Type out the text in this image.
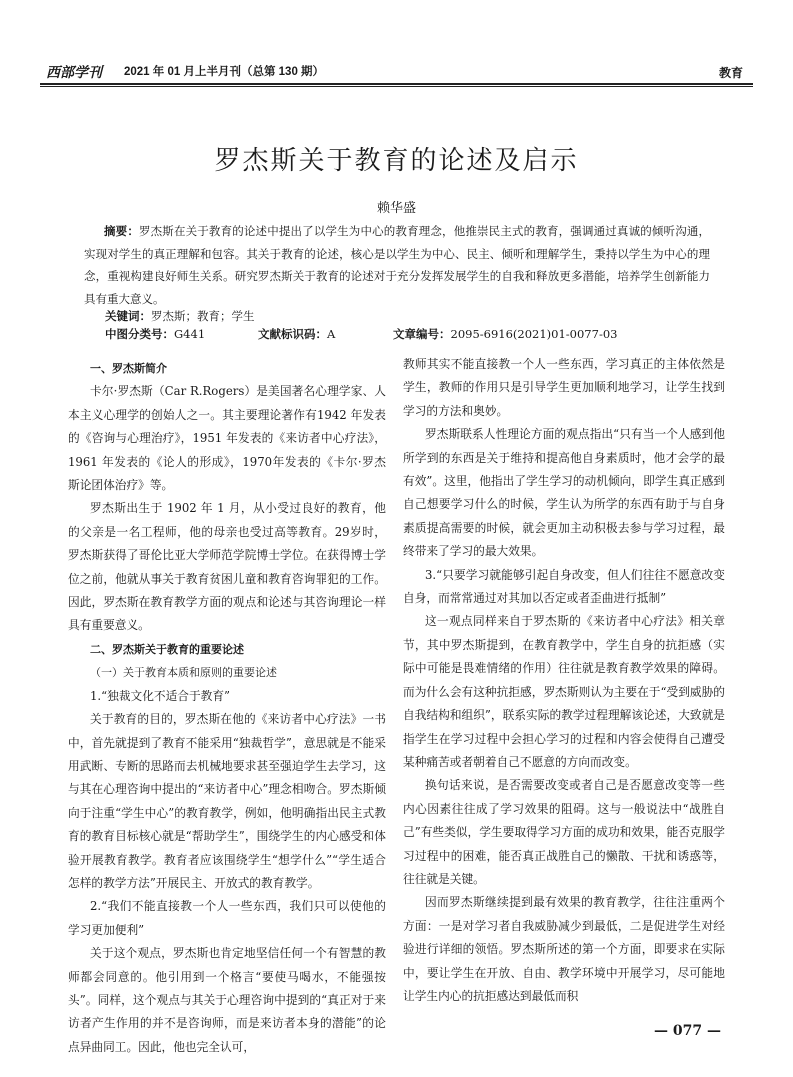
西部学刊 2021 年 01 月上半月刊（总第 130 期）	教育
罗杰斯关于教育的论述及启示
赖华盛
摘要：罗杰斯在关于教育的论述中提出了以学生为中心的教育理念，他推崇民主式的教育，强调通过真诚的倾听沟通，实现对学生的真正理解和包容。其关于教育的论述，核心是以学生为中心、民主、倾听和理解学生，秉持以学生为中心的理念，重视构建良好师生关系。研究罗杰斯关于教育的论述对于充分发挥发展学生的自我和释放更多潜能，培养学生创新能力具有重大意义。
关键词：罗杰斯；教育；学生
中图分类号：G441	文献标识码：A	文章编号：2095-6916(2021)01-0077-03

一、罗杰斯简介

卡尔·罗杰斯（Car R.Rogers）是美国著名心理学家、人本主义心理学的创始人之一。其主要理论著作有1942 年发表的《咨询与心理治疗》，1951 年发表的《来访者中心疗法》，1961 年发表的《论人的形成》，1970年发表的《卡尔·罗杰斯论团体治疗》等。

罗杰斯出生于 1902 年 1 月，从小受过良好的教育，他的父亲是一名工程师，他的母亲也受过高等教育。29岁时，罗杰斯获得了哥伦比亚大学师范学院博士学位。在获得博士学位之前，他就从事关于教育贫困儿童和教育咨询罪犯的工作。因此，罗杰斯在教育教学方面的观点和论述与其咨询理论一样具有重要意义。

二、罗杰斯关于教育的重要论述

（一）关于教育本质和原则的重要论述

1.“独裁文化不适合于教育”

关于教育的目的，罗杰斯在他的《来访者中心疗法》一书中，首先就提到了教育不能采用“独裁哲学”，意思就是不能采用武断、专断的思路而去机械地要求甚至强迫学生去学习，这与其在心理咨询中提出的“来访者中心”理念相吻合。罗杰斯倾向于注重“学生中心”的教育教学，例如，他明确指出民主式教育的教育目标核心就是“帮助学生”，围绕学生的内心感受和体验开展教育教学。教育者应该围绕学生“想学什么”“学生适合怎样的教学方法”开展民主、开放式的教育教学。

2.“我们不能直接教一个人一些东西，我们只可以使他的学习更加便利”

关于这个观点，罗杰斯也肯定地坚信任何一个有智慧的教师都会同意的。他引用到一个格言“要使马喝水，不能强按头”。同样，这个观点与其关于心理咨询中提到的“真正对于来访者产生作用的并不是咨询师，而是来访者本身的潜能”的论点异曲同工。因此，他也完全认可，

教师其实不能直接教一个人一些东西，学习真正的主体依然是学生，教师的作用只是引导学生更加顺利地学习，让学生找到学习的方法和奥妙。

罗杰斯联系人性理论方面的观点指出“只有当一个人感到他所学到的东西是关于维持和提高他自身素质时，他才会学的最有效”。这里，他指出了学生学习的动机倾向，即学生真正感到自己想要学习什么的时候，学生认为所学的东西有助于与自身素质提高需要的时候，就会更加主动积极去参与学习过程，最终带来了学习的最大效果。

3.“只要学习就能够引起自身改变，但人们往往不愿意改变自身，而常常通过对其加以否定或者歪曲进行抵制”

这一观点同样来自于罗杰斯的《来访者中心疗法》相关章节，其中罗杰斯提到，在教育教学中，学生自身的抗拒感（实际中可能是畏难情绪的作用）往往就是教育教学效果的障碍。而为什么会有这种抗拒感，罗杰斯则认为主要在于“受到威胁的自我结构和组织”，联系实际的教学过程理解该论述，大致就是指学生在学习过程中会担心学习的过程和内容会使得自己遭受某种痛苦或者朝着自己不愿意的方向而改变。

换句话来说，是否需要改变或者自己是否愿意改变等一些内心因素往往成了学习效果的阻碍。这与一般说法中“战胜自己”有些类似，学生要取得学习方面的成功和效果，能否克服学习过程中的困难，能否真正战胜自己的懒散、干扰和诱惑等，往往就是关键。

因而罗杰斯继续提到最有效果的教育教学，往往注重两个方面：一是对学习者自我威胁减少到最低，二是促进学生对经验进行详细的领悟。罗杰斯所述的第一个方面，即要求在实际中，要让学生在开放、自由、教学环境中开展学习，尽可能地让学生内心的抗拒感达到最低而积

— 077 —
